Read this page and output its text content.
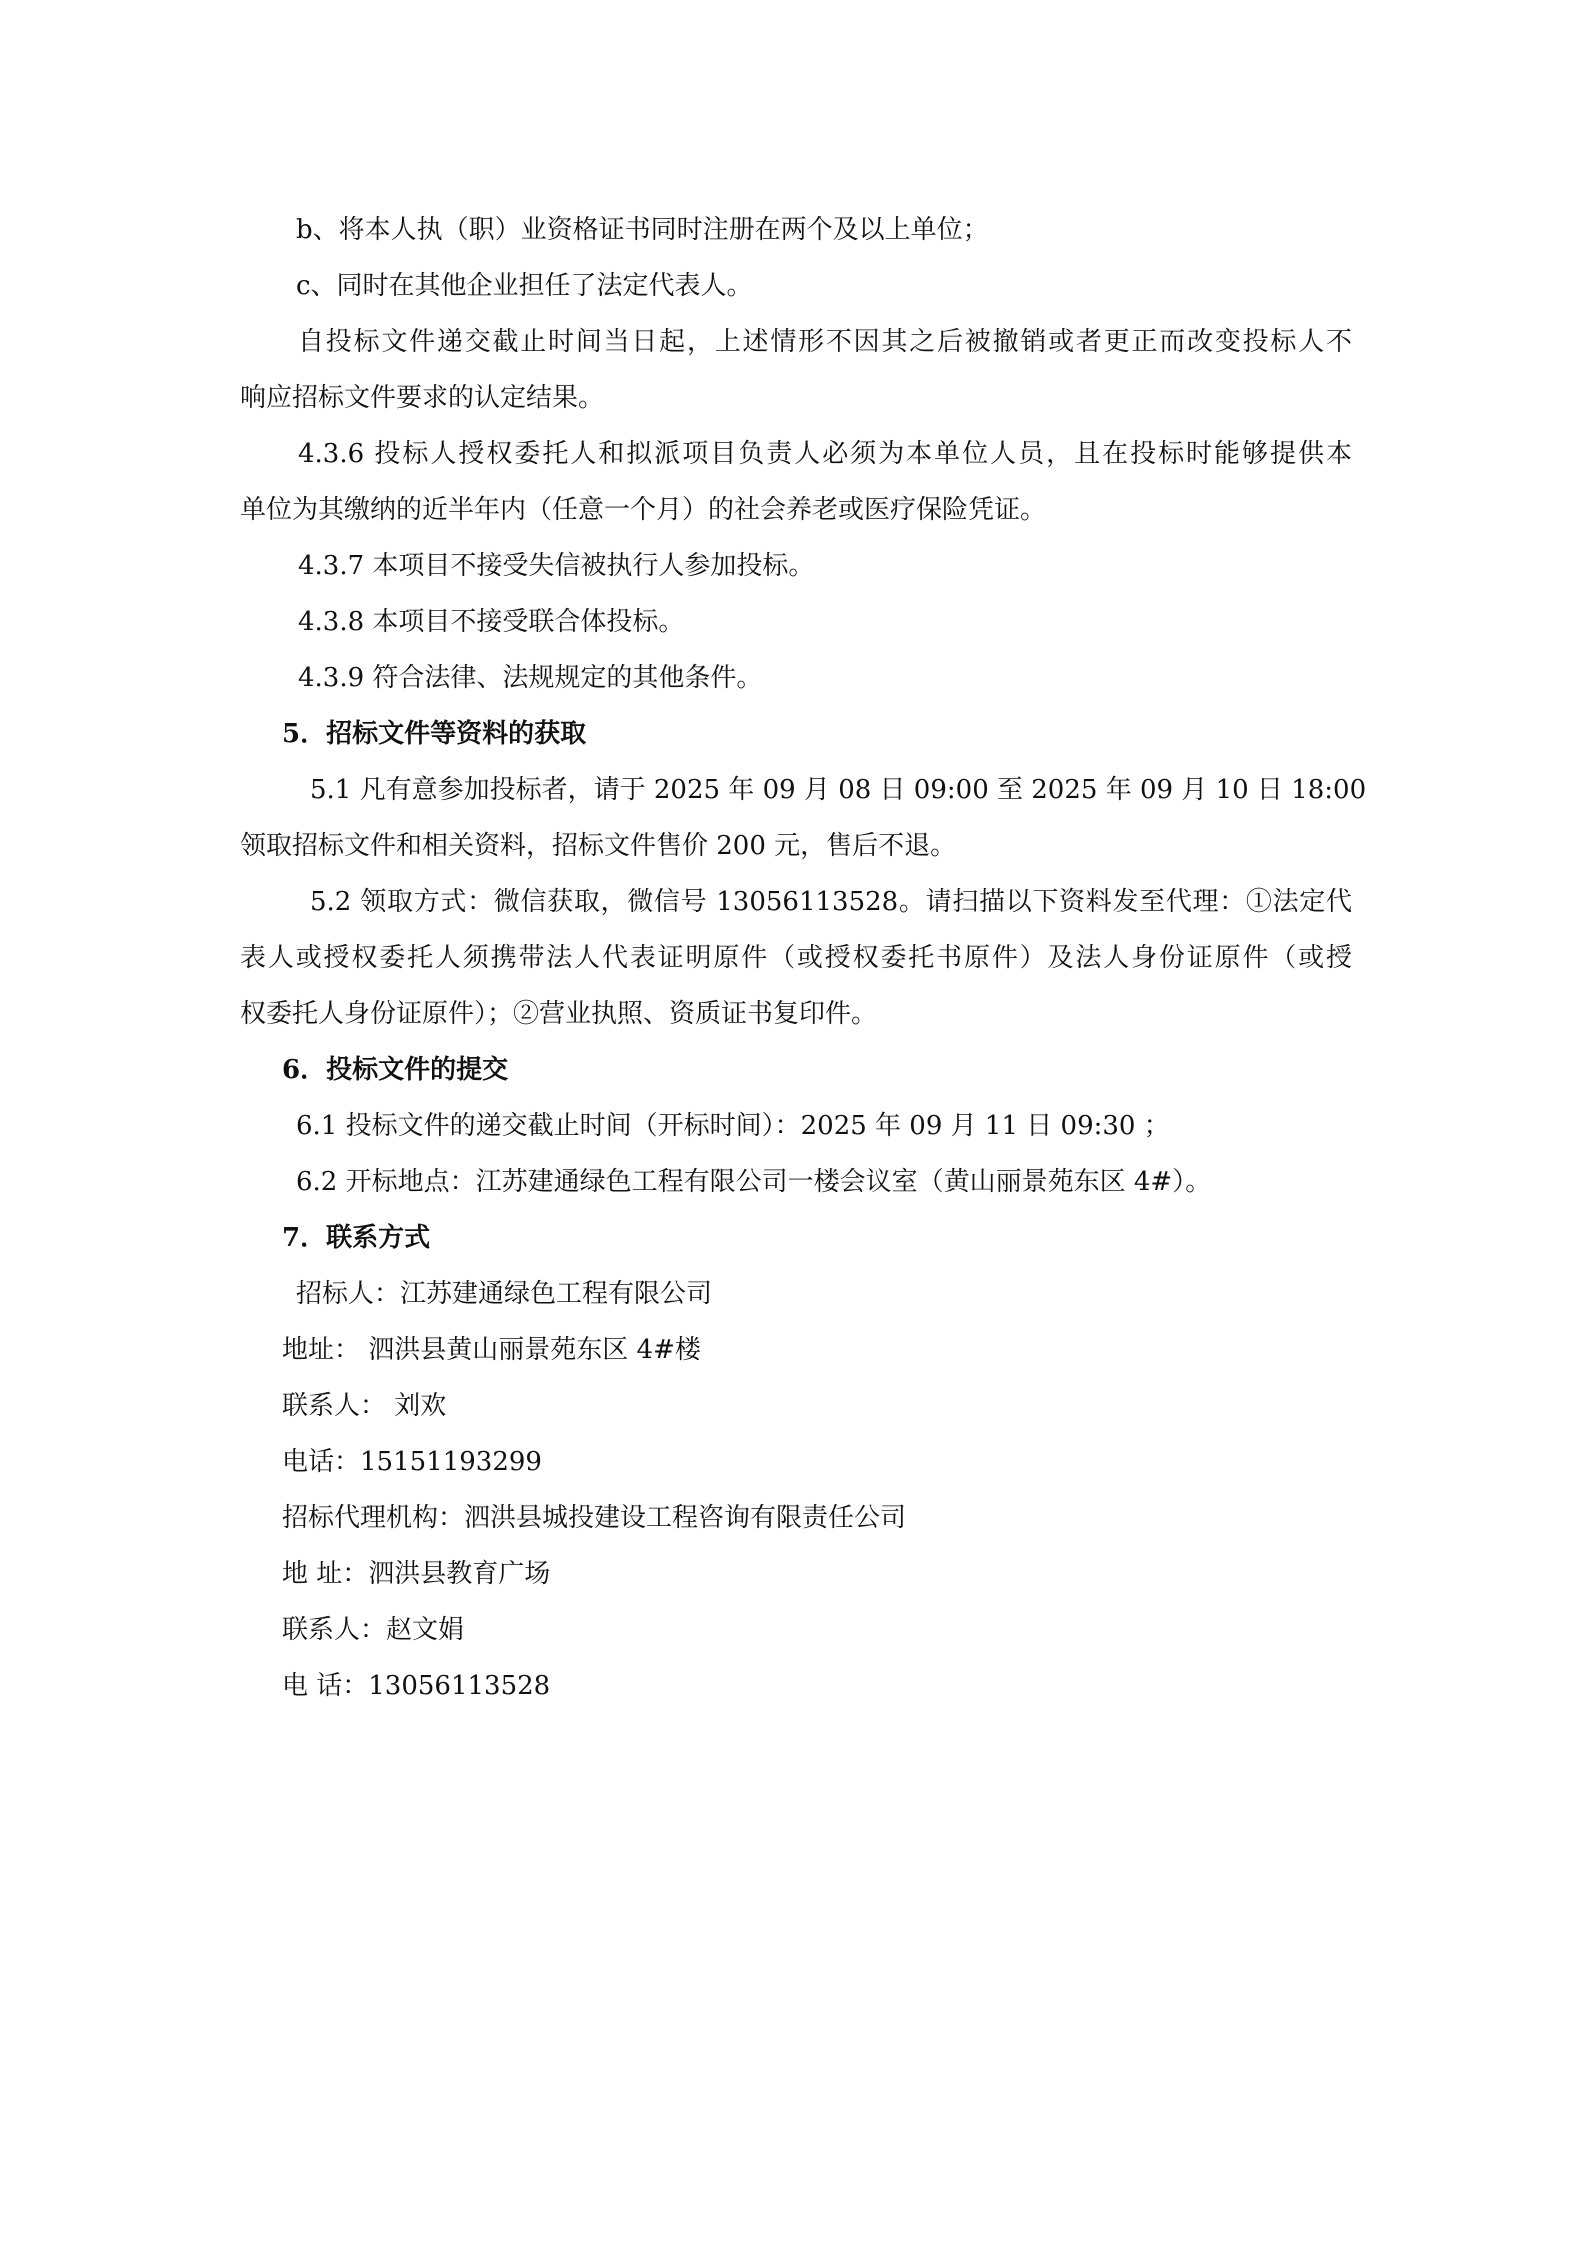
b、将本人执（职）业资格证书同时注册在两个及以上单位；
c、同时在其他企业担任了法定代表人。
自投标文件递交截止时间当日起，上述情形不因其之后被撤销或者更正而改变投标人不
响应招标文件要求的认定结果。
4.3.6 投标人授权委托人和拟派项目负责人必须为本单位人员，且在投标时能够提供本
单位为其缴纳的近半年内（任意一个月）的社会养老或医疗保险凭证。
4.3.7 本项目不接受失信被执行人参加投标。
4.3.8 本项目不接受联合体投标。
4.3.9 符合法律、法规规定的其他条件。
5．招标文件等资料的获取
5.1 凡有意参加投标者，请于 2025 年 09 月 08 日 09:00 至 2025 年 09 月 10 日 18:00
领取招标文件和相关资料，招标文件售价 200 元，售后不退。
5.2 领取方式：微信获取，微信号 13056113528。请扫描以下资料发至代理：①法定代
表人或授权委托人须携带法人代表证明原件（或授权委托书原件）及法人身份证原件（或授
权委托人身份证原件）；②营业执照、资质证书复印件。
6．投标文件的提交
6.1 投标文件的递交截止时间（开标时间）：2025 年 09 月 11 日 09:30 ；
6.2 开标地点：江苏建通绿色工程有限公司一楼会议室（黄山丽景苑东区 4#）。
7．联系方式
招标人：江苏建通绿色工程有限公司
地址： 泗洪县黄山丽景苑东区 4#楼
联系人： 刘欢
电话：15151193299
招标代理机构：泗洪县城投建设工程咨询有限责任公司
地 址：泗洪县教育广场
联系人：赵文娟
电 话：13056113528
